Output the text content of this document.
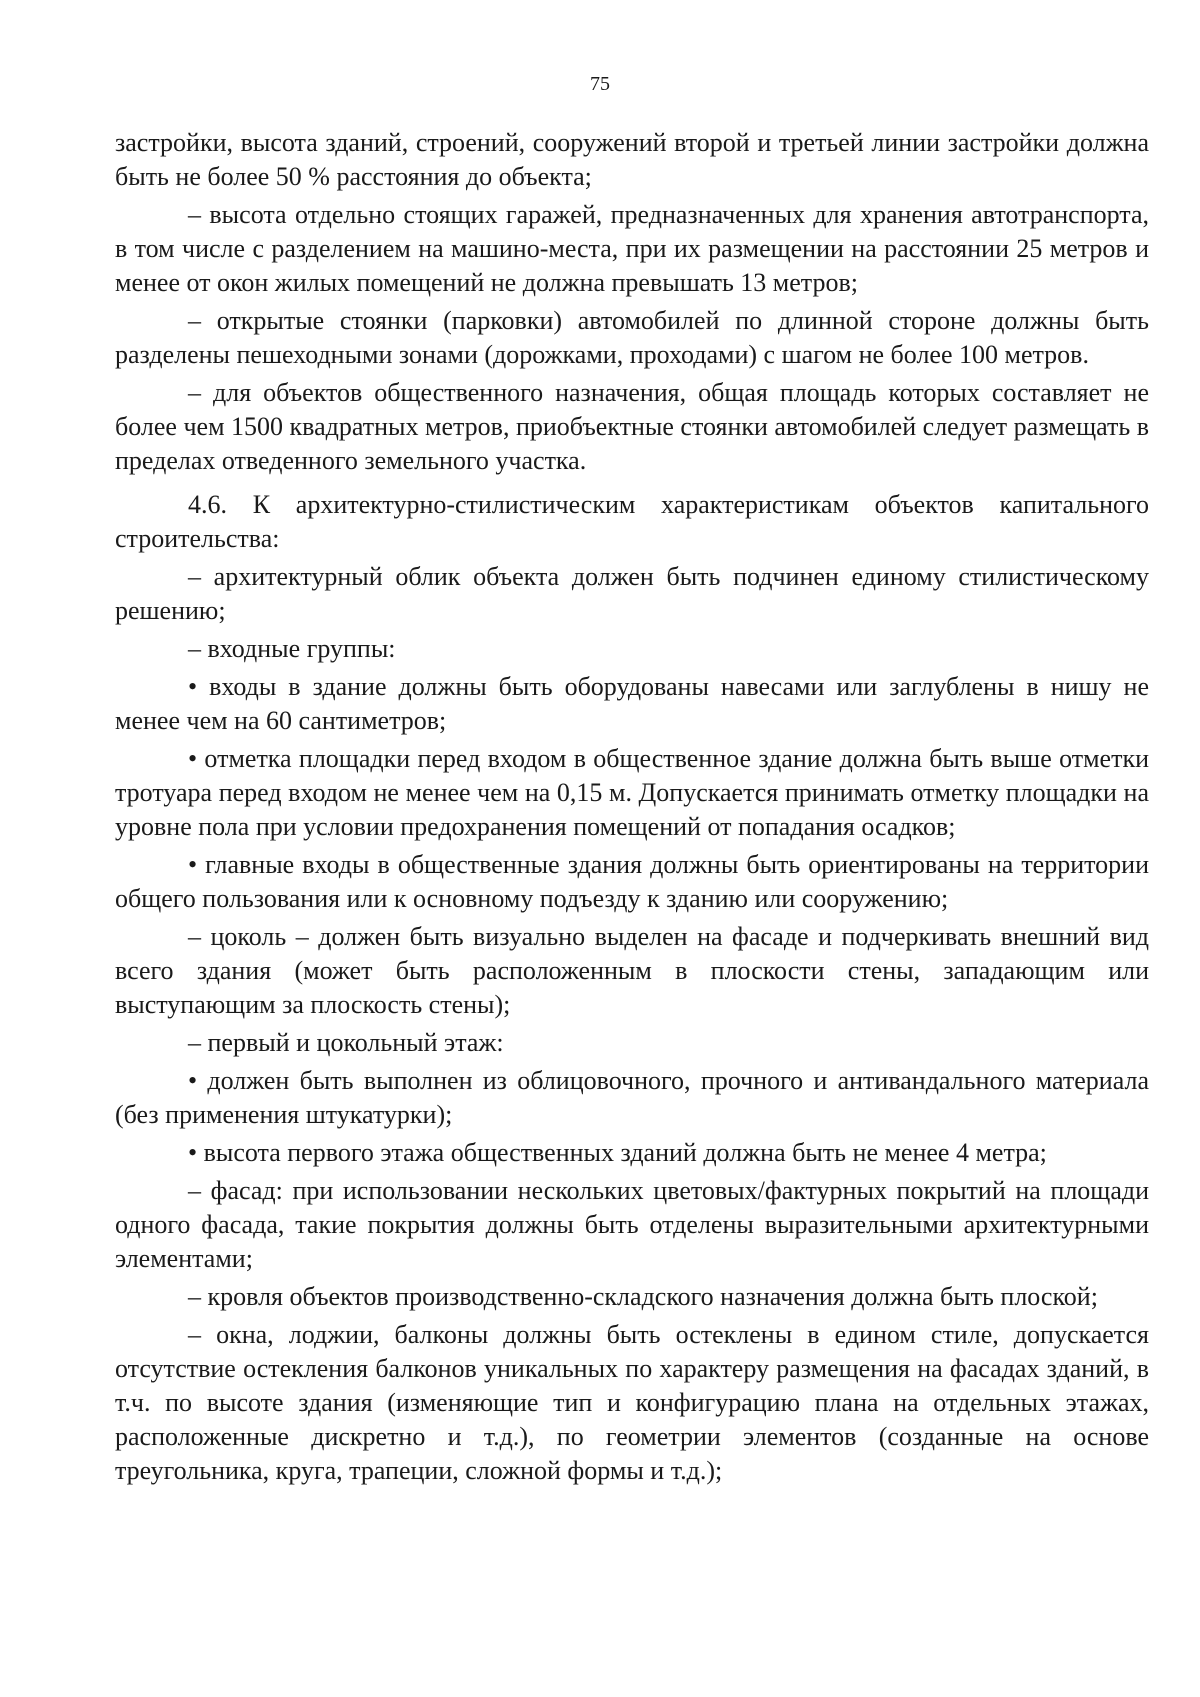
75

застройки, высота зданий, строений, сооружений второй и третьей линии застройки должна быть не более 50 % расстояния до объекта;

– высота отдельно стоящих гаражей, предназначенных для хранения автотранспорта, в том числе с разделением на машино-места, при их размещении на расстоянии 25 метров и менее от окон жилых помещений не должна превышать 13 метров;

– открытые стоянки (парковки) автомобилей по длинной стороне должны быть разделены пешеходными зонами (дорожками, проходами) с шагом не более 100 метров.

– для объектов общественного назначения, общая площадь которых составляет не более чем 1500 квадратных метров, приобъектные стоянки автомобилей следует размещать в пределах отведенного земельного участка.

4.6. К архитектурно-стилистическим характеристикам объектов капитального строительства:

– архитектурный облик объекта должен быть подчинен единому стилистическому решению;

– входные группы:

• входы в здание должны быть оборудованы навесами или заглублены в нишу не менее чем на 60 сантиметров;

• отметка площадки перед входом в общественное здание должна быть выше отметки тротуара перед входом не менее чем на 0,15 м. Допускается принимать отметку площадки на уровне пола при условии предохранения помещений от попадания осадков;

• главные входы в общественные здания должны быть ориентированы на территории общего пользования или к основному подъезду к зданию или сооружению;

– цоколь – должен быть визуально выделен на фасаде и подчеркивать внешний вид всего здания (может быть расположенным в плоскости стены, западающим или выступающим за плоскость стены);

– первый и цокольный этаж:

• должен быть выполнен из облицовочного, прочного и антивандального материала (без применения штукатурки);

• высота первого этажа общественных зданий должна быть не менее 4 метра;

– фасад: при использовании нескольких цветовых/фактурных покрытий на площади одного фасада, такие покрытия должны быть отделены выразительными архитектурными элементами;

– кровля объектов производственно-складского назначения должна быть плоской;

– окна, лоджии, балконы должны быть остеклены в едином стиле, допускается отсутствие остекления балконов уникальных по характеру размещения на фасадах зданий, в т.ч. по высоте здания (изменяющие тип и конфигурацию плана на отдельных этажах, расположенные дискретно и т.д.), по геометрии элементов (созданные на основе треугольника, круга, трапеции, сложной формы и т.д.);
